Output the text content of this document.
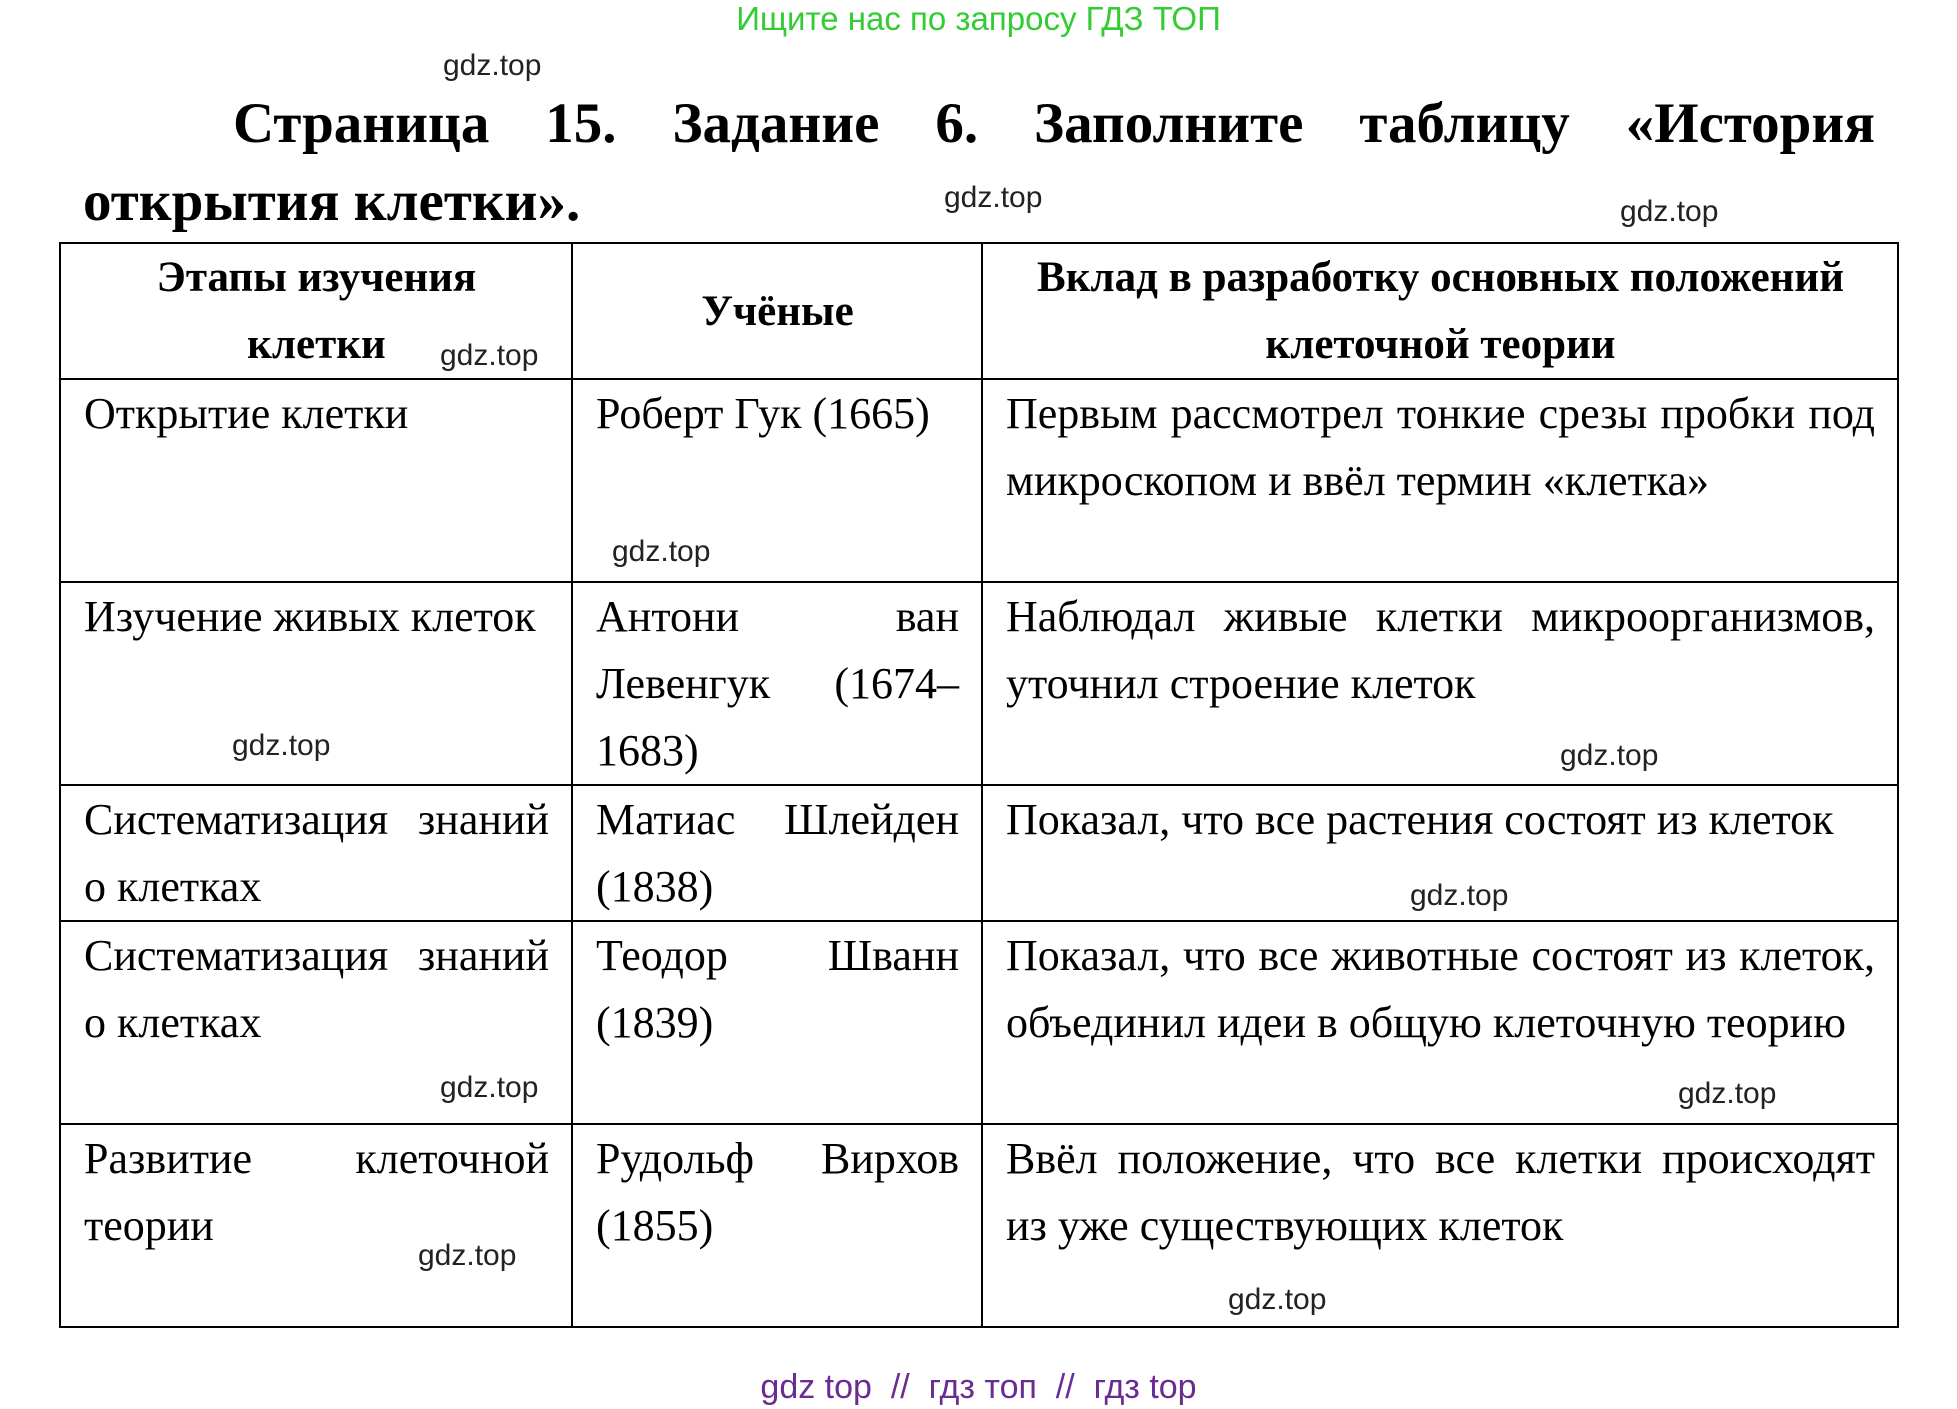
Ищите нас по запросу ГДЗ ТОП
Страница 15. Задание 6. Заполните таблицу «История открытия клетки».
Этапы изучения клетки	Учёные	Вклад в разработку основных положений клеточной теории
Открытие клетки	Роберт Гук (1665)	Первым рассмотрел тонкие срезы пробки под микроскопом и ввёл термин «клетка»
Изучение живых клеток	Антони ван Левенгук (1674–1683)	Наблюдал живые клетки микроорганизмов, уточнил строение клеток
Систематизация знаний о клетках	Матиас Шлейден (1838)	Показал, что все растения состоят из клеток
Систематизация знаний о клетках	Теодор Шванн (1839)	Показал, что все животные состоят из клеток, объединил идеи в общую клеточную теорию
Развитие клеточной теории	Рудольф Вирхов (1855)	Ввёл положение, что все клетки происходят из уже существующих клеток
gdz.top
gdz.top	gdz.top
gdz.top
gdz.top
gdz.top
gdz.top
gdz.top
gdz.top	gdz.top
gdz.top
gdz.top
gdz top  //  гдз топ  //  гдз top
